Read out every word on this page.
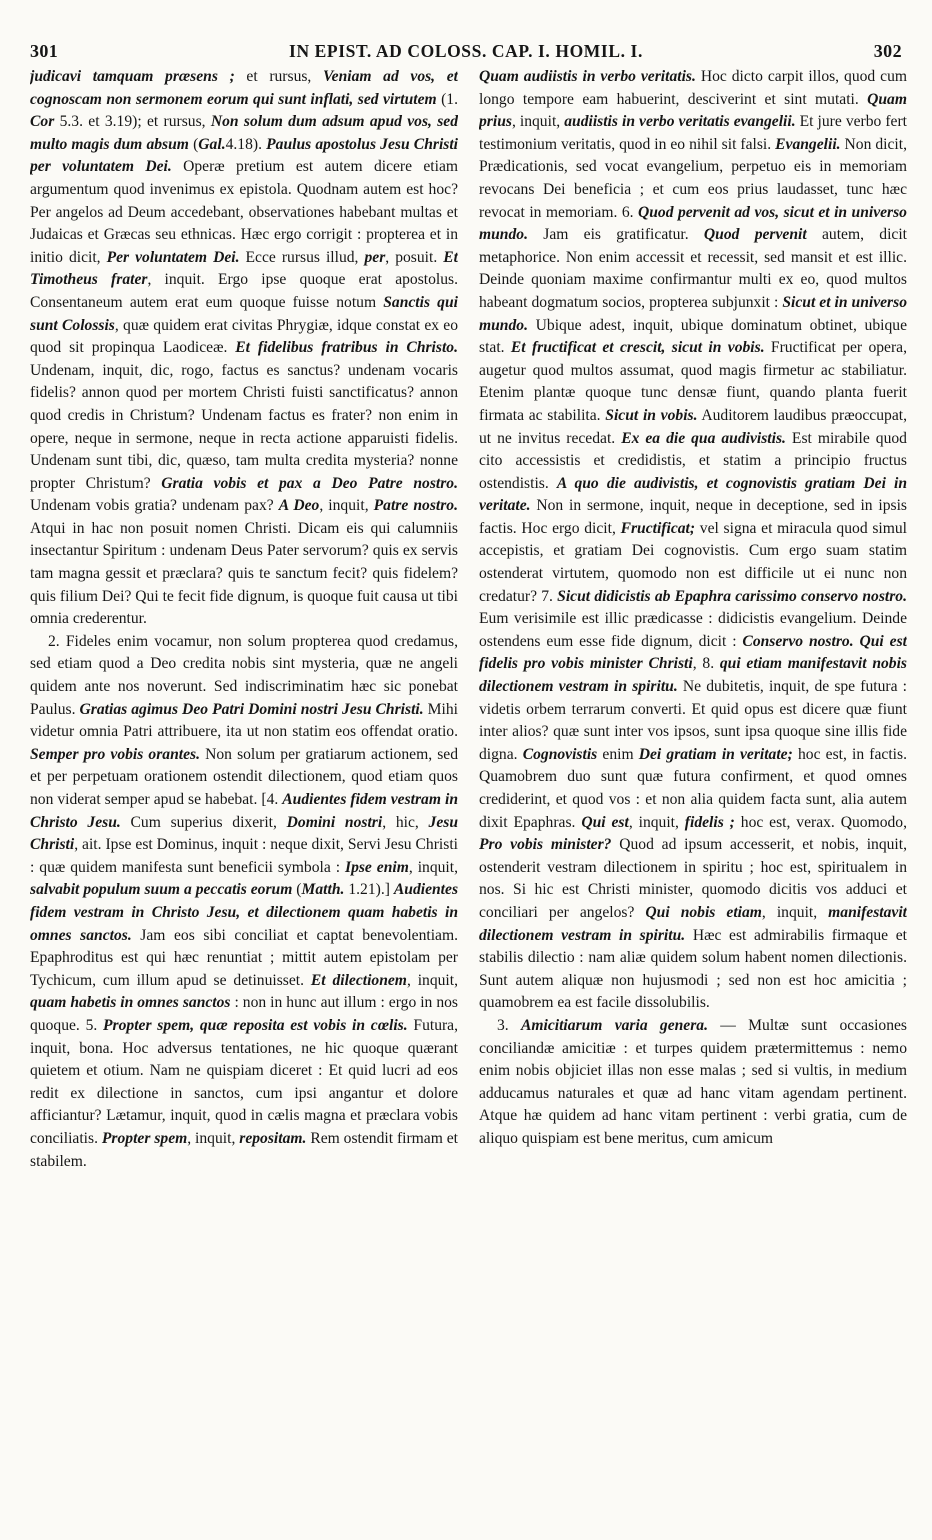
301	IN EPIST. AD COLOSS. CAP. I. HOMIL. I.	302

judicavi tamquam præsens ; et rursus, Veniam ad vos, et cognoscam non sermonem eorum qui sunt inflati, sed virtutem (1. Cor 5.3. et 3.19); et rursus, Non solum dum adsum apud vos, sed multo magis dum absum (Gal.4.18). Paulus apostolus Jesu Christi per voluntatem Dei. Operæ pretium est autem dicere etiam argumentum quod invenimus ex epistola. Quodnam autem est hoc? Per angelos ad Deum accedebant, observationes habebant multas et Judaicas et Græcas seu ethnicas. Hæc ergo corrigit : propterea et in initio dicit, Per voluntatem Dei. Ecce rursus illud, per, posuit. Et Timotheus frater, inquit. Ergo ipse quoque erat apostolus. Consentaneum autem erat eum quoque fuisse notum Sanctis qui sunt Colossis, quæ quidem erat civitas Phrygiæ, idque constat ex eo quod sit propinqua Laodiceæ. Et fidelibus fratribus in Christo. Undenam, inquit, dic, rogo, factus es sanctus? undenam vocaris fidelis? annon quod per mortem Christi fuisti sanctificatus? annon quod credis in Christum? Undenam factus es frater? non enim in opere, neque in sermone, neque in recta actione apparuisti fidelis. Undenam sunt tibi, dic, quæso, tam multa credita mysteria? nonne propter Christum? Gratia vobis et pax a Deo Patre nostro. Undenam vobis gratia? undenam pax? A Deo, inquit, Patre nostro. Atqui in hac non posuit nomen Christi. Dicam eis qui calumniis insectantur Spiritum : undenam Deus Pater servorum? quis ex servis tam magna gessit et præclara? quis te sanctum fecit? quis fidelem? quis filium Dei? Qui te fecit fide dignum, is quoque fuit causa ut tibi omnia crederentur.

2. Fideles enim vocamur, non solum propterea quod credamus, sed etiam quod a Deo credita nobis sint mysteria, quæ ne angeli quidem ante nos noverunt. Sed indiscriminatim hæc sic ponebat Paulus. Gratias agimus Deo Patri Domini nostri Jesu Christi. Mihi videtur omnia Patri attribuere, ita ut non statim eos offendat oratio. Semper pro vobis orantes. Non solum per gratiarum actionem, sed et per perpetuam orationem ostendit dilectionem, quod etiam quos non viderat semper apud se habebat. [4. Audientes fidem vestram in Christo Jesu. Cum superius dixerit, Domini nostri, hic, Jesu Christi, ait. Ipse est Dominus, inquit : neque dixit, Servi Jesu Christi : quæ quidem manifesta sunt beneficii symbola : Ipse enim, inquit, salvabit populum suum a peccatis eorum (Matth. 1.21).] Audientes fidem vestram in Christo Jesu, et dilectionem quam habetis in omnes sanctos. Jam eos sibi conciliat et captat benevolentiam. Epaphroditus est qui hæc renuntiat ; mittit autem epistolam per Tychicum, cum illum apud se detinuisset. Et dilectionem, inquit, quam habetis in omnes sanctos : non in hunc aut illum : ergo in nos quoque. 5. Propter spem, quæ reposita est vobis in cœlis. Futura, inquit, bona. Hoc adversus tentationes, ne hic quoque quærant quietem et otium. Nam ne quispiam diceret : Et quid lucri ad eos redit ex dilectione in sanctos, cum ipsi angantur et dolore afficiantur? Lætamur, inquit, quod in cælis magna et præclara vobis conciliatis. Propter spem, inquit, repositam. Rem ostendit firmam et stabilem.

Quam audiistis in verbo veritatis. Hoc dicto carpit illos, quod cum longo tempore eam habuerint, desciverint et sint mutati. Quam prius, inquit, audiistis in verbo veritatis evangelii. Et jure verbo fert testimonium veritatis, quod in eo nihil sit falsi. Evangelii. Non dicit, Prædicationis, sed vocat evangelium, perpetuo eis in memoriam revocans Dei beneficia ; et cum eos prius laudasset, tunc hæc revocat in memoriam. 6. Quod pervenit ad vos, sicut et in universo mundo. Jam eis gratificatur. Quod pervenit autem, dicit metaphorice. Non enim accessit et recessit, sed mansit et est illic. Deinde quoniam maxime confirmantur multi ex eo, quod multos habeant dogmatum socios, propterea subjunxit : Sicut et in universo mundo. Ubique adest, inquit, ubique dominatum obtinet, ubique stat. Et fructificat et crescit, sicut in vobis. Fructificat per opera, augetur quod multos assumat, quod magis firmetur ac stabiliatur. Etenim plantæ quoque tunc densæ fiunt, quando planta fuerit firmata ac stabilita. Sicut in vobis. Auditorem laudibus præoccupat, ut ne invitus recedat. Ex ea die qua audivistis. Est mirabile quod cito accessistis et credidistis, et statim a principio fructus ostendistis. A quo die audivistis, et cognovistis gratiam Dei in veritate. Non in sermone, inquit, neque in deceptione, sed in ipsis factis. Hoc ergo dicit, Fructificat; vel signa et miracula quod simul accepistis, et gratiam Dei cognovistis. Cum ergo suam statim ostenderat virtutem, quomodo non est difficile ut ei nunc non credatur? 7. Sicut didicistis ab Epaphra carissimo conservo nostro. Eum verisimile est illic prædicasse : didicistis evangelium. Deinde ostendens eum esse fide dignum, dicit : Conservo nostro. Qui est fidelis pro vobis minister Christi, 8. qui etiam manifestavit nobis dilectionem vestram in spiritu. Ne dubitetis, inquit, de spe futura : videtis orbem terrarum converti. Et quid opus est dicere quæ fiunt inter alios? quæ sunt inter vos ipsos, sunt ipsa quoque sine illis fide digna. Cognovistis enim Dei gratiam in veritate; hoc est, in factis. Quamobrem duo sunt quæ futura confirment, et quod omnes crediderint, et quod vos : et non alia quidem facta sunt, alia autem dixit Epaphras. Qui est, inquit, fidelis ; hoc est, verax. Quomodo, Pro vobis minister? Quod ad ipsum accesserit, et nobis, inquit, ostenderit vestram dilectionem in spiritu ; hoc est, spiritualem in nos. Si hic est Christi minister, quomodo dicitis vos adduci et conciliari per angelos? Qui nobis etiam, inquit, manifestavit dilectionem vestram in spiritu. Hæc est admirabilis firmaque et stabilis dilectio : nam aliæ quidem solum habent nomen dilectionis. Sunt autem aliquæ non hujusmodi ; sed non est hoc amicitia ; quamobrem ea est facile dissolubilis.

3. Amicitiarum varia genera. — Multæ sunt occasiones conciliandæ amicitiæ : et turpes quidem prætermittemus : nemo enim nobis objiciet illas non esse malas ; sed si vultis, in medium adducamus naturales et quæ ad hanc vitam agendam pertinent. Atque hæ quidem ad hanc vitam pertinent : verbi gratia, cum de aliquo quispiam est bene meritus, cum amicum
